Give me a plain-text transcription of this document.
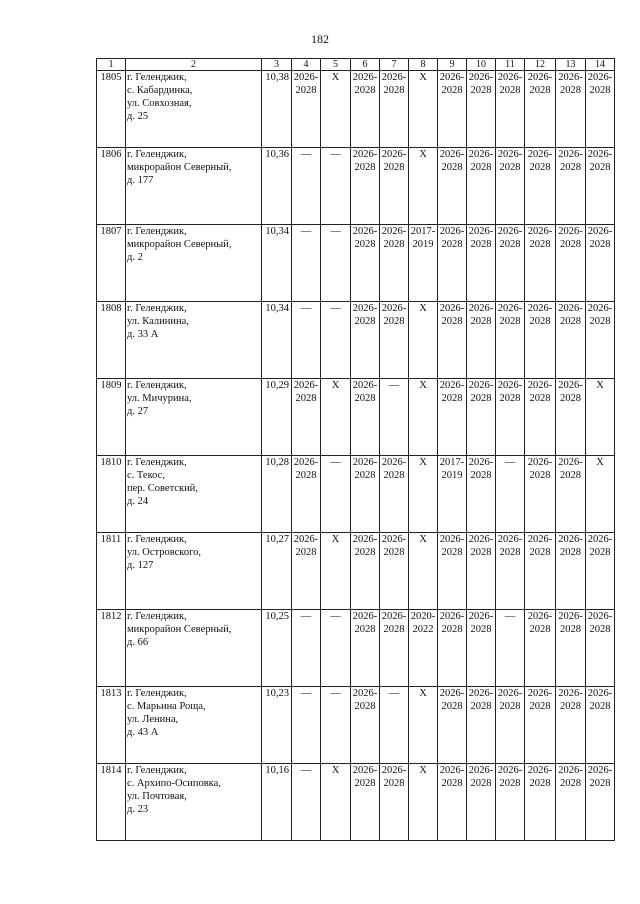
182
1	2	3	4	5	6	7	8	9	10	11	12	13	14
1805	г. Геленджик,
с. Кабардинка,
ул. Совхозная,
д. 25	10,38	2026-
2028	X	2026-
2028	2026-
2028	X	2026-
2028	2026-
2028	2026-
2028	2026-
2028	2026-
2028	2026-
2028
1806	г. Геленджик,
микрорайон Северный,
д. 177	10,36	—	—	2026-
2028	2026-
2028	X	2026-
2028	2026-
2028	2026-
2028	2026-
2028	2026-
2028	2026-
2028
1807	г. Геленджик,
микрорайон Северный,
д. 2	10,34	—	—	2026-
2028	2026-
2028	2017-
2019	2026-
2028	2026-
2028	2026-
2028	2026-
2028	2026-
2028	2026-
2028
1808	г. Геленджик,
ул. Калинина,
д. 33 А	10,34	—	—	2026-
2028	2026-
2028	X	2026-
2028	2026-
2028	2026-
2028	2026-
2028	2026-
2028	2026-
2028
1809	г. Геленджик,
ул. Мичурина,
д. 27	10,29	2026-
2028	X	2026-
2028	—	X	2026-
2028	2026-
2028	2026-
2028	2026-
2028	2026-
2028	X
1810	г. Геленджик,
с. Текос,
пер. Советский,
д. 24	10,28	2026-
2028	—	2026-
2028	2026-
2028	X	2017-
2019	2026-
2028	—	2026-
2028	2026-
2028	X
1811	г. Геленджик,
ул. Островского,
д. 127	10,27	2026-
2028	X	2026-
2028	2026-
2028	X	2026-
2028	2026-
2028	2026-
2028	2026-
2028	2026-
2028	2026-
2028
1812	г. Геленджик,
микрорайон Северный,
д. 66	10,25	—	—	2026-
2028	2026-
2028	2020-
2022	2026-
2028	2026-
2028	—	2026-
2028	2026-
2028	2026-
2028
1813	г. Геленджик,
с. Марьина Роща,
ул. Ленина,
д. 43 А	10,23	—	—	2026-
2028	—	X	2026-
2028	2026-
2028	2026-
2028	2026-
2028	2026-
2028	2026-
2028
1814	г. Геленджик,
с. Архипо-Осиповка,
ул. Почтовая,
д. 23	10,16	—	X	2026-
2028	2026-
2028	X	2026-
2028	2026-
2028	2026-
2028	2026-
2028	2026-
2028	2026-
2028
